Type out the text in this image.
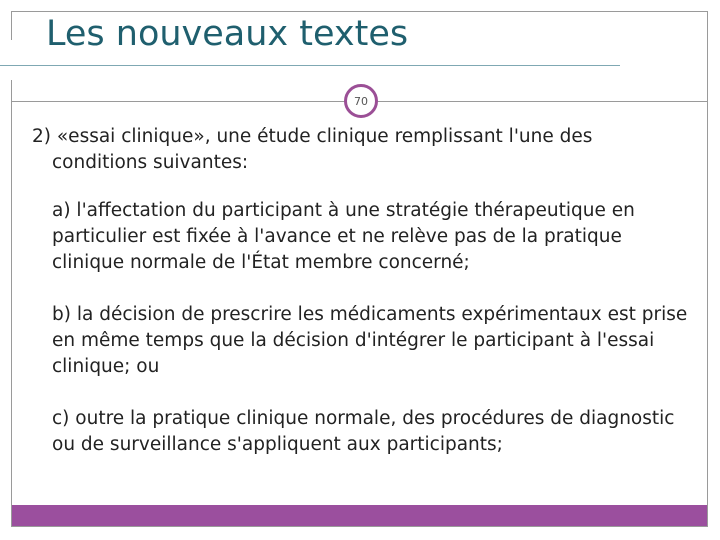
Les nouveaux textes
70

2) «essai clinique», une étude clinique remplissant l'une des conditions suivantes:

a) l'affectation du participant à une stratégie thérapeutique en particulier est fixée à l'avance et ne relève pas de la pratique clinique normale de l'État membre concerné;

b) la décision de prescrire les médicaments expérimentaux est prise en même temps que la décision d'intégrer le participant à l'essai clinique; ou

c) outre la pratique clinique normale, des procédures de diagnostic ou de surveillance s'appliquent aux participants;
